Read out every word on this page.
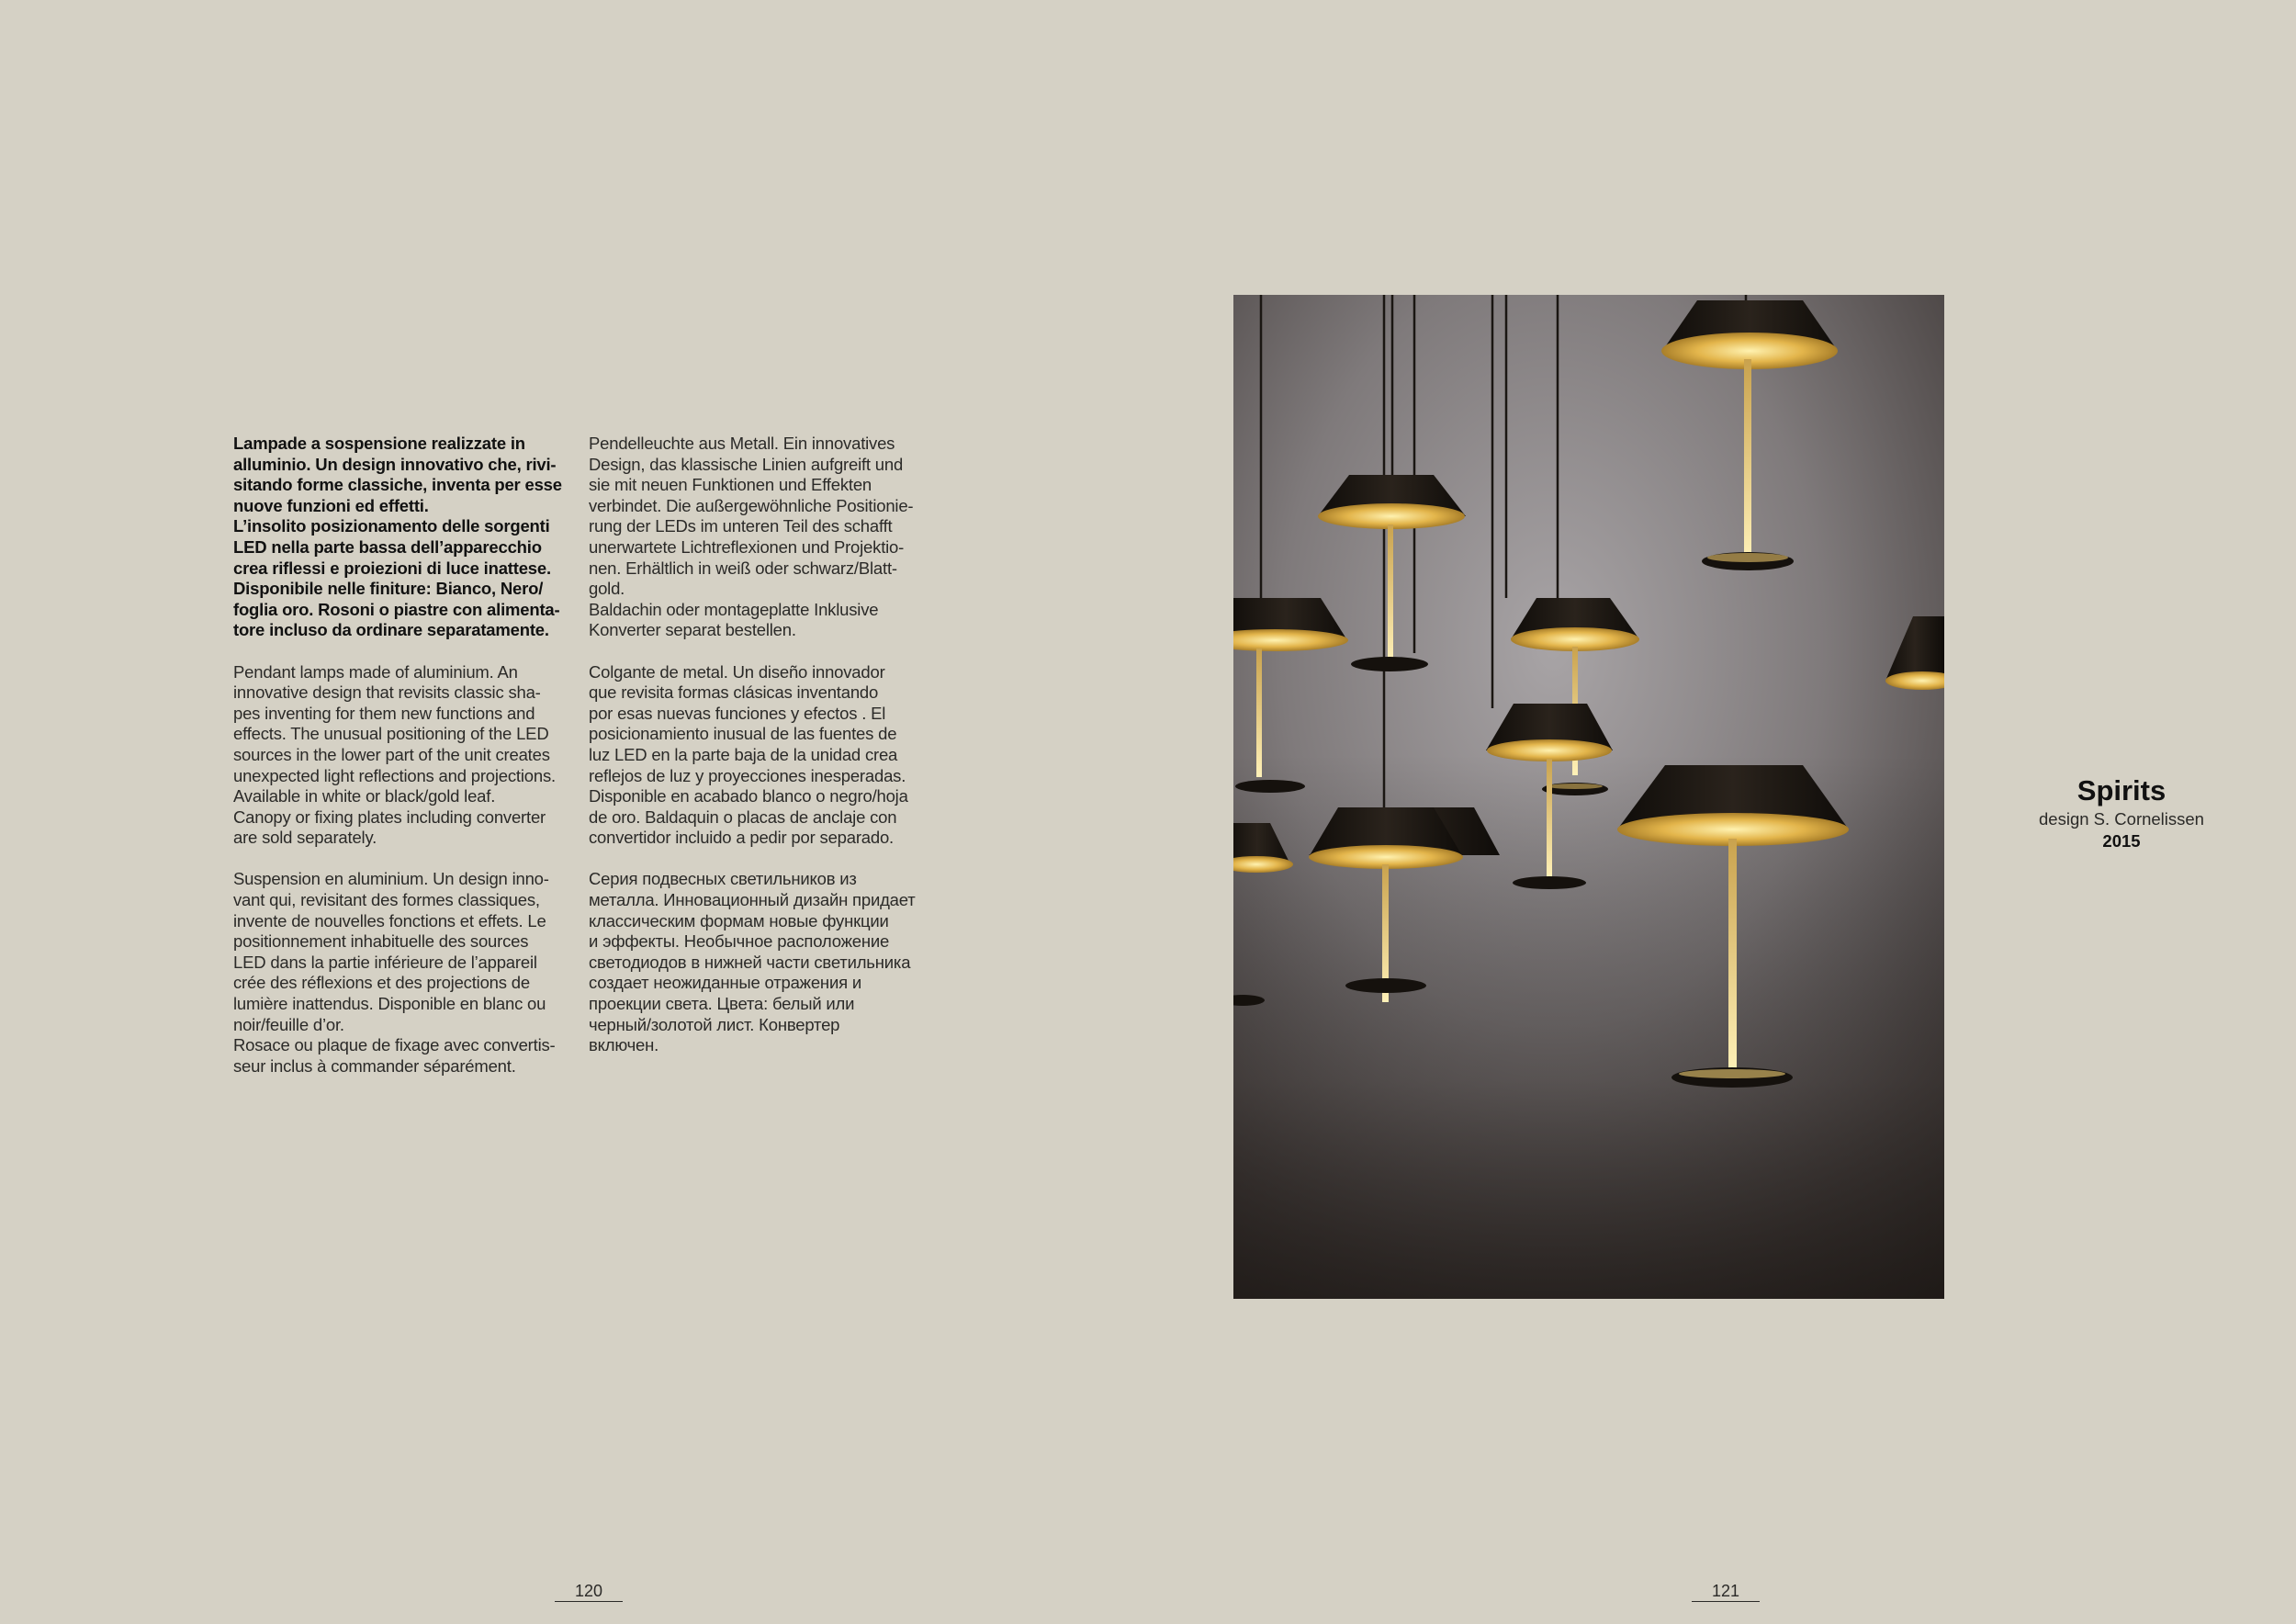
Lampade a sospensione realizzate in
alluminio. Un design innovativo che, rivi-
sitando forme classiche, inventa per esse
nuove funzioni ed effetti.
L’insolito posizionamento delle sorgenti
LED nella parte bassa dell’apparecchio
crea riflessi e proiezioni di luce inattese.
Disponibile nelle finiture: Bianco, Nero/
foglia oro. Rosoni o piastre con alimenta-
tore incluso da ordinare separatamente.

Pendant lamps made of aluminium. An
innovative design that revisits classic sha-
pes inventing for them new functions and
effects. The unusual positioning of the LED
sources in the lower part of the unit creates
unexpected light reflections and projections.
Available in white or black/gold leaf.
Canopy or fixing plates including converter
are sold separately.

Suspension en aluminium. Un design inno-
vant qui, revisitant des formes classiques,
invente de nouvelles fonctions et effets. Le
positionnement inhabituelle des sources
LED dans la partie inférieure de l’appareil
crée des réflexions et des projections de
lumière inattendus. Disponible en blanc ou
noir/feuille d’or.
Rosace ou plaque de fixage avec convertis-
seur inclus à commander séparément.

Pendelleuchte aus Metall. Ein innovatives
Design, das klassische Linien aufgreift und
sie mit neuen Funktionen und Effekten
verbindet. Die außergewöhnliche Positionie-
rung der LEDs im unteren Teil des schafft
unerwartete Lichtreflexionen und Projektio-
nen. Erhältlich in weiß oder schwarz/Blatt-
gold.
Baldachin oder montageplatte Inklusive
Konverter separat bestellen.

Colgante de metal. Un diseño innovador
que revisita formas clásicas inventando
por esas nuevas funciones y efectos . El
posicionamiento inusual de las fuentes de
luz LED en la parte baja de la unidad crea
reflejos de luz y proyecciones inesperadas.
Disponible en acabado blanco o negro/hoja
de oro. Baldaquin o placas de anclaje con
convertidor incluido a pedir por separado.

Серия подвесных светильников из
металла. Инновационный дизайн придает
классическим формам новые функции
и эффекты. Необычное расположение
светодиодов в нижней части светильника
создает неожиданные отражения и
проекции света. Цвета: белый или
черный/золотой лист. Конвертер
включен.

120
Spirits
design S. Cornelissen
2015
121
